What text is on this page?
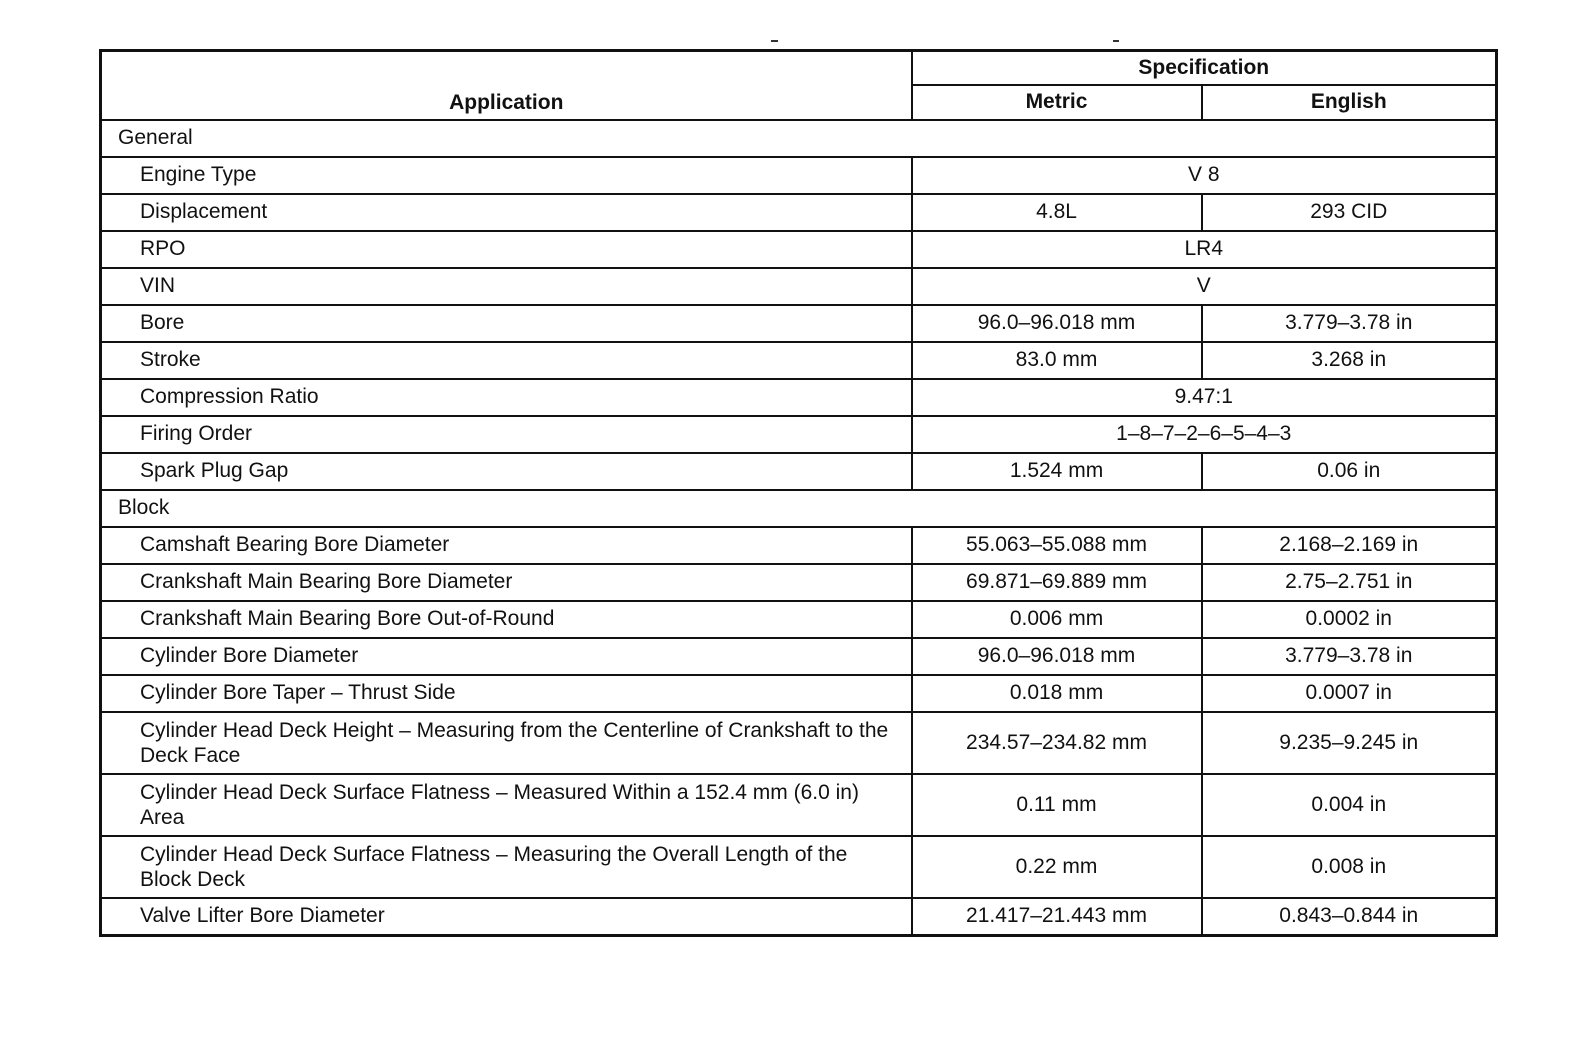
Application	Specification	
	Metric	English
General		
Engine Type	V 8	
Displacement	4.8L	293 CID
RPO	LR4	
VIN	V	
Bore	96.0–96.018 mm	3.779–3.78 in
Stroke	83.0 mm	3.268 in
Compression Ratio	9.47:1	
Firing Order	1–8–7–2–6–5–4–3	
Spark Plug Gap	1.524 mm	0.06 in
Block		
Camshaft Bearing Bore Diameter	55.063–55.088 mm	2.168–2.169 in
Crankshaft Main Bearing Bore Diameter	69.871–69.889 mm	2.75–2.751 in
Crankshaft Main Bearing Bore Out-of-Round	0.006 mm	0.0002 in
Cylinder Bore Diameter	96.0–96.018 mm	3.779–3.78 in
Cylinder Bore Taper – Thrust Side	0.018 mm	0.0007 in
Cylinder Head Deck Height – Measuring from the Centerline of Crankshaft to the Deck Face	234.57–234.82 mm	9.235–9.245 in
Cylinder Head Deck Surface Flatness – Measured Within a 152.4 mm (6.0 in) Area	0.11 mm	0.004 in
Cylinder Head Deck Surface Flatness – Measuring the Overall Length of the Block Deck	0.22 mm	0.008 in
Valve Lifter Bore Diameter	21.417–21.443 mm	0.843–0.844 in
